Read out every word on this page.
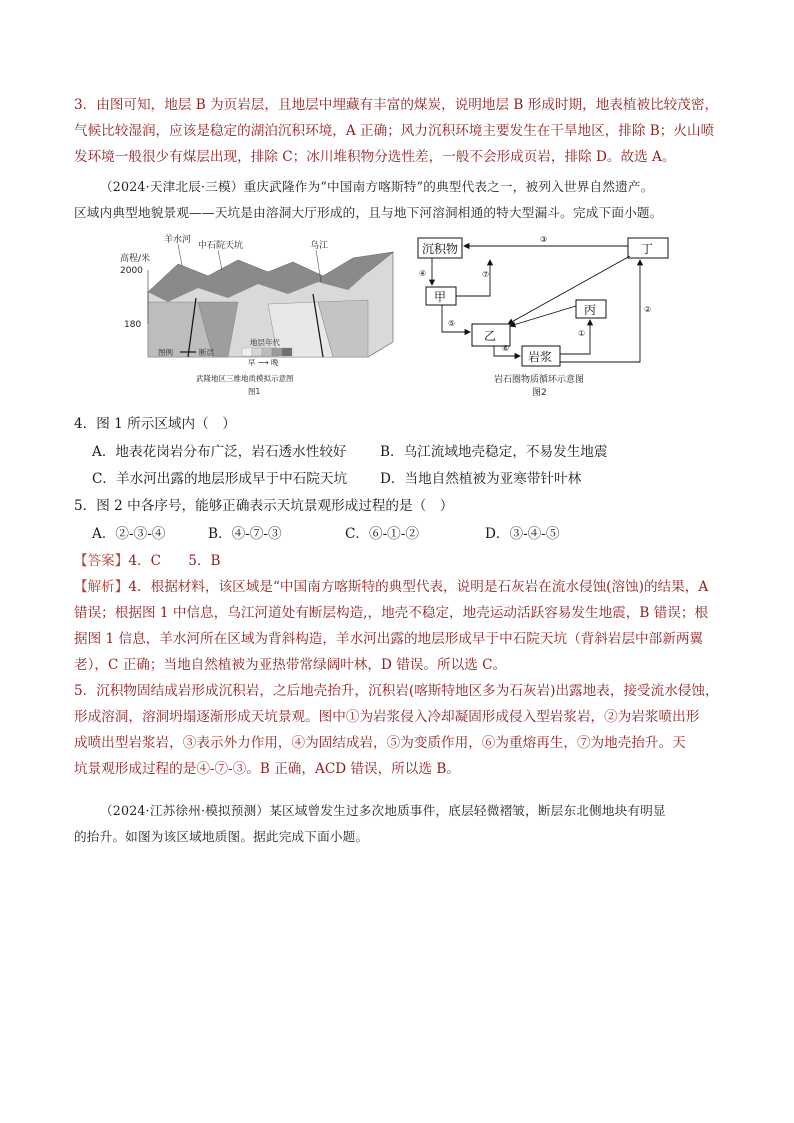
3．由图可知，地层 B 为页岩层，且地层中埋藏有丰富的煤炭，说明地层 B 形成时期，地表植被比较茂密，
气候比较湿润，应该是稳定的湖泊沉积环境，A 正确；风力沉积环境主要发生在干旱地区，排除 B；火山喷
发环境一般很少有煤层出现，排除 C；冰川堆积物分选性差，一般不会形成页岩，排除 D。故选 A。
（2024·天津北辰·三模）重庆武隆作为“中国南方喀斯特”的典型代表之一，被列入世界自然遗产。
区域内典型地貌景观——天坑是由溶洞大厅形成的，且与地下河溶洞相通的特大型漏斗。完成下面小题。
高程/米
2000
180
羊水河
中石院天坑	乌江
图例	断层
地层年代
早 ⟶ 晚
武隆地区三维地质模拟示意图
图1
沉积物
甲
乙
丙
丁
岩浆
③
④	⑦
⑤
⑥
①
②
岩石圈物质循环示意图
图2
4．图 1 所示区域内（　）
A．地表花岗岩分布广泛，岩石透水性较好 B．乌江流域地壳稳定，不易发生地震
C．羊水河出露的地层形成早于中石院天坑 D．当地自然植被为亚寒带针叶林
5．图 2 中各序号，能够正确表示天坑景观形成过程的是（　）
A．②-③-④	B．④-⑦-③	C．⑥-①-②	D．③-④-⑤
【答案】4．C　　5．B
【解析】4．根据材料，该区域是“中国南方喀斯特的典型代表，说明是石灰岩在流水侵蚀(溶蚀)的结果，A
错误；根据图 1 中信息，乌江河道处有断层构造,，地壳不稳定，地壳运动活跃容易发生地震，B 错误；根
据图 1 信息，羊水河所在区域为背斜构造，羊水河出露的地层形成早于中石院天坑（背斜岩层中部新两翼
老），C 正确；当地自然植被为亚热带常绿阔叶林，D 错误。所以选 C。
5．沉积物固结成岩形成沉积岩，之后地壳抬升，沉积岩(喀斯特地区多为石灰岩)出露地表，接受流水侵蚀，
形成溶洞，溶洞坍塌逐渐形成天坑景观。图中①为岩浆侵入冷却凝固形成侵入型岩浆岩，②为岩浆喷出形
成喷出型岩浆岩，③表示外力作用，④为固结成岩，⑤为变质作用，⑥为重熔再生，⑦为地壳抬升。天
坑景观形成过程的是④-⑦-③。B 正确，ACD 错误，所以选 B。
（2024·江苏徐州·模拟预测）某区域曾发生过多次地质事件，底层轻微褶皱，断层东北侧地块有明显
的抬升。如图为该区域地质图。据此完成下面小题。
